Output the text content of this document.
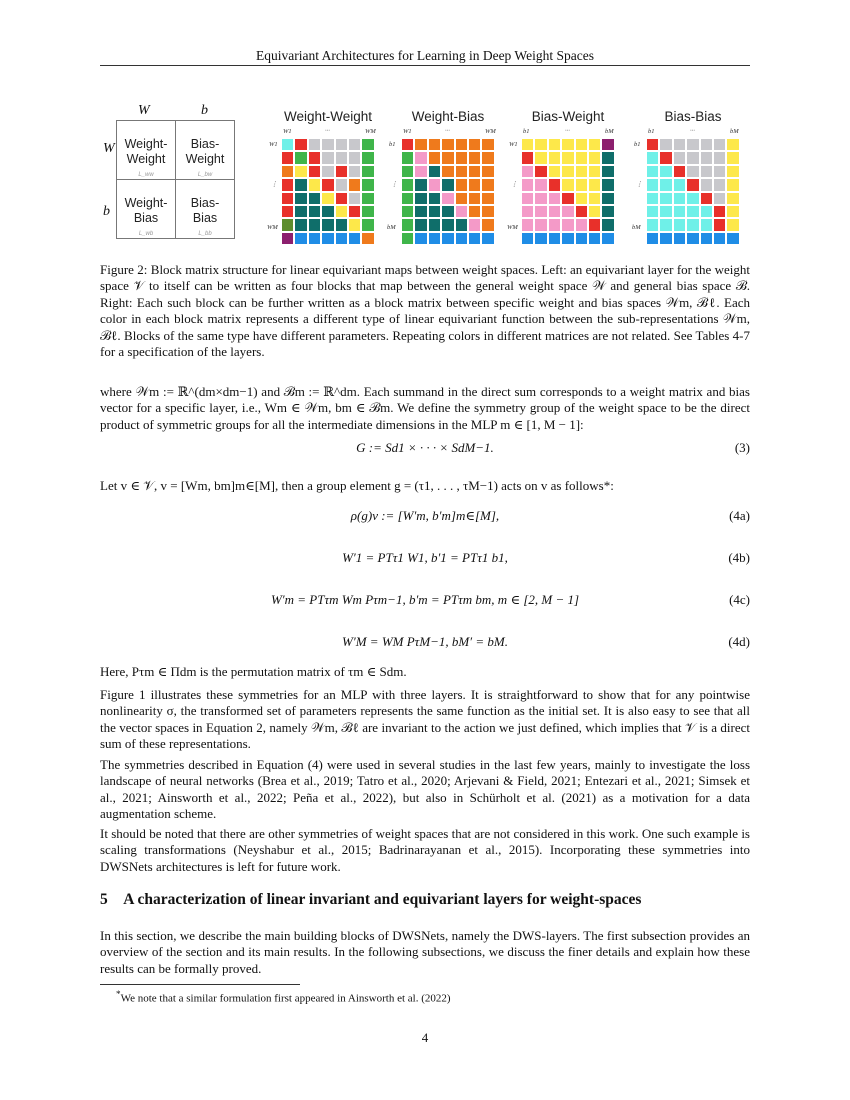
Equivariant Architectures for Learning in Deep Weight Spaces
W	b
W
b
Weight-
Weight
L_ww
Bias-
Weight
L_bw
Weight-
Bias
L_wb
Bias-
Bias
L_bb
Weight-Weight
W1	···	WM
W1
⋮
WM
Weight-Bias
W1	···	WM
b1
⋮
bM
Bias-Weight
b1	···	bM
W1
⋮
WM
Bias-Bias
b1	···	bM
b1
⋮
bM
Figure 2: Block matrix structure for linear equivariant maps between weight spaces. Left: an equivariant layer for the weight space 𝒱 to itself can be written as four blocks that map between the general weight space 𝒲 and general bias space ℬ. Right: Each such block can be further written as a block matrix between specific weight and bias spaces 𝒲m, ℬℓ. Each color in each block matrix represents a different type of linear equivariant function between the sub-representations 𝒲m, ℬℓ. Blocks of the same type have different parameters. Repeating colors in different matrices are not related. See Tables 4-7 for a specification of the layers.
where 𝒲m := ℝ^(dm×dm−1) and ℬm := ℝ^dm. Each summand in the direct sum corresponds to a weight matrix and bias vector for a specific layer, i.e., Wm ∈ 𝒲m, bm ∈ ℬm. We define the symmetry group of the weight space to be the direct product of symmetric groups for all the intermediate dimensions in the MLP m ∈ [1, M − 1]:
G := Sd1 × · · · × SdM−1.	(3)
Let v ∈ 𝒱, v = [Wm, bm]m∈[M], then a group element g = (τ1, . . . , τM−1) acts on v as follows*:
ρ(g)v := [W′m, b′m]m∈[M],	(4a)
W′1 = PTτ1 W1, b′1 = PTτ1 b1,	(4b)
W′m = PTτm Wm Pτm−1, b′m = PTτm bm, m ∈ [2, M − 1]	(4c)
W′M = WM PτM−1, bM′ = bM.	(4d)
Here, Pτm ∈ Πdm is the permutation matrix of τm ∈ Sdm.
Figure 1 illustrates these symmetries for an MLP with three layers. It is straightforward to show that for any pointwise nonlinearity σ, the transformed set of parameters represents the same function as the initial set. It is also easy to see that all the vector spaces in Equation 2, namely 𝒲m, ℬℓ are invariant to the action we just defined, which implies that 𝒱 is a direct sum of these representations.
The symmetries described in Equation (4) were used in several studies in the last few years, mainly to investigate the loss landscape of neural networks (Brea et al., 2019; Tatro et al., 2020; Arjevani & Field, 2021; Entezari et al., 2021; Simsek et al., 2021; Ainsworth et al., 2022; Peña et al., 2022), but also in Schürholt et al. (2021) as a motivation for a data augmentation scheme.
It should be noted that there are other symmetries of weight spaces that are not considered in this work. One such example is scaling transformations (Neyshabur et al., 2015; Badrinarayanan et al., 2015). Incorporating these symmetries into DWSNets architectures is left for future work.
5 A characterization of linear invariant and equivariant layers for weight-spaces
In this section, we describe the main building blocks of DWSNets, namely the DWS-layers. The first subsection provides an overview of the section and its main results. In the following subsections, we discuss the finer details and explain how these results can be formally proved.
*We note that a similar formulation first appeared in Ainsworth et al. (2022)
4
